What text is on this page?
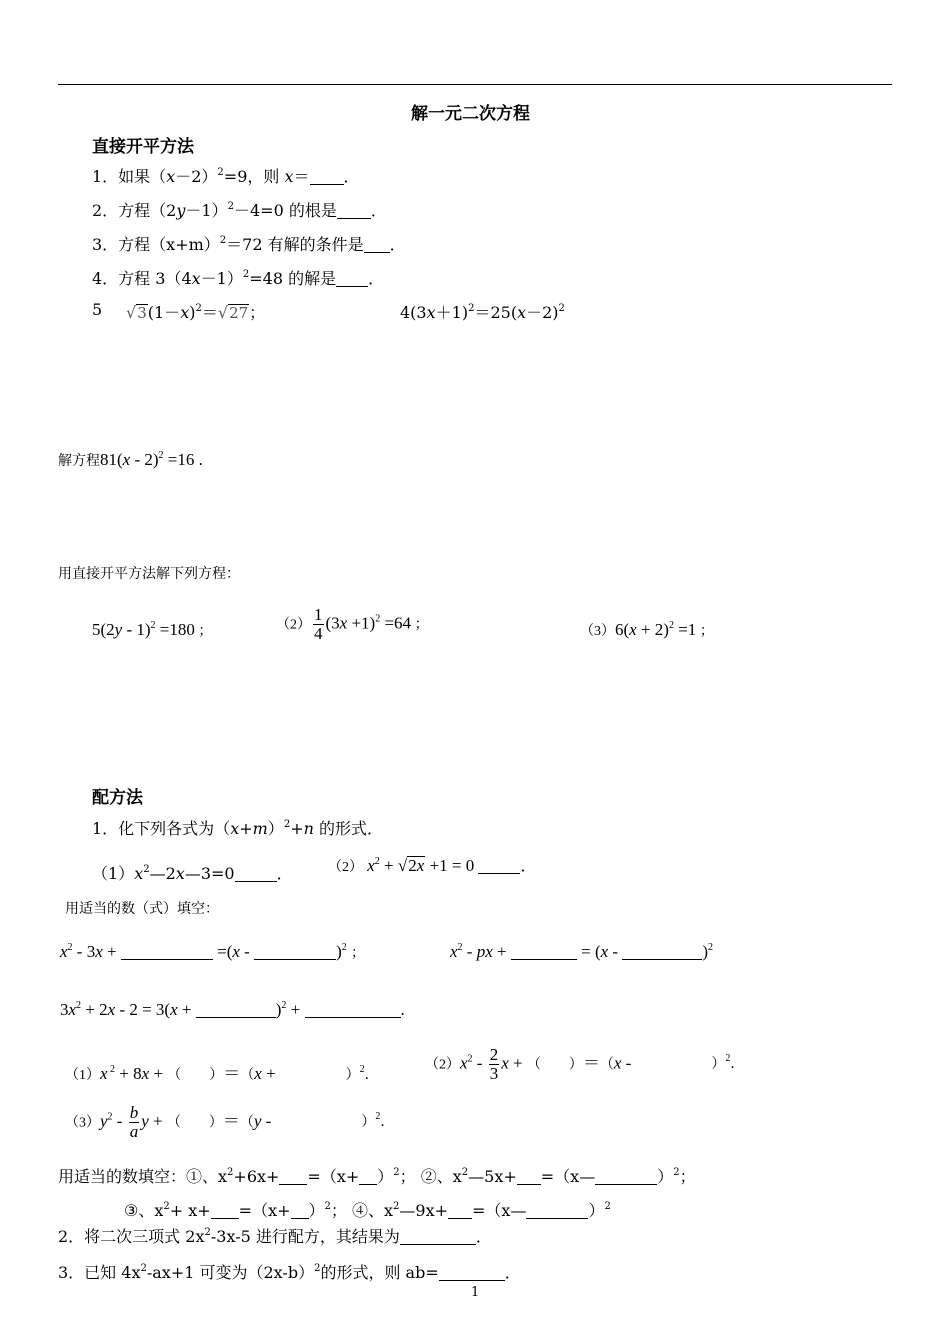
解一元二次方程
直接开平方法
1．如果$(x-2)^2=9$，则 x＝ ．
2．方程$(2y-1)^2-4=0$ 的根是 ．
3．方程$(x+m)^2=72$ 有解的条件是 ．
4．方程 $3(4x-1)^2=48$ 的解是 ．
5 $√3(1-x)^2=√27$；	$4(3x+1)^2=25(x-2)^2$
解方程81(x - 2)$^2$ =16 .
用直接开平方法解下列方程：
5(2y - 1)$^2$ =180 ；	$(2) \frac{1}{4} (3x +1)^2 =64$ ；	$(3)6(x + 2)^2 =1$ ；
配方法
1．化下列各式为$(x+m)^2+n$ 的形式．
$(1)x^2—2x—3=0$	．	（2） $x^2 + √2x +1 = 0$	．
用适当的数（式）填空：
$x^2 - 3x$ +	=(x -	)$^2$ ；	$x^2$ - px +	= (x -	)$^2$
$3x^2 + 2x - 2 = 3(x$ +	)$^2$ +	.
（1）x $^2$ + 8x + （  ）＝（x +	）$^2$．
$(2)x^2 - \frac{2}{3}$ x + （  ）＝（x -	）$^2$．
$(3)y^2 - \frac{b}{a}$ y + （  ）＝（y -	）$^2$．
用适当的数填空：①、$x^2+6x+ =(x+ )^2$； ②、$x^2—5x+$ =（x—	）$^2$；
③、$x^2+ x+ =(x+ )^2$； ④、$x^2—9x+$ =（x—	）$^2$
2．将二次三项式 $2x^2-3x-5$ 进行配方，其结果为	．
3．已知 $4x^2-ax+1$ 可变为$(2x-b)^2$的形式，则 ab=	．
1
